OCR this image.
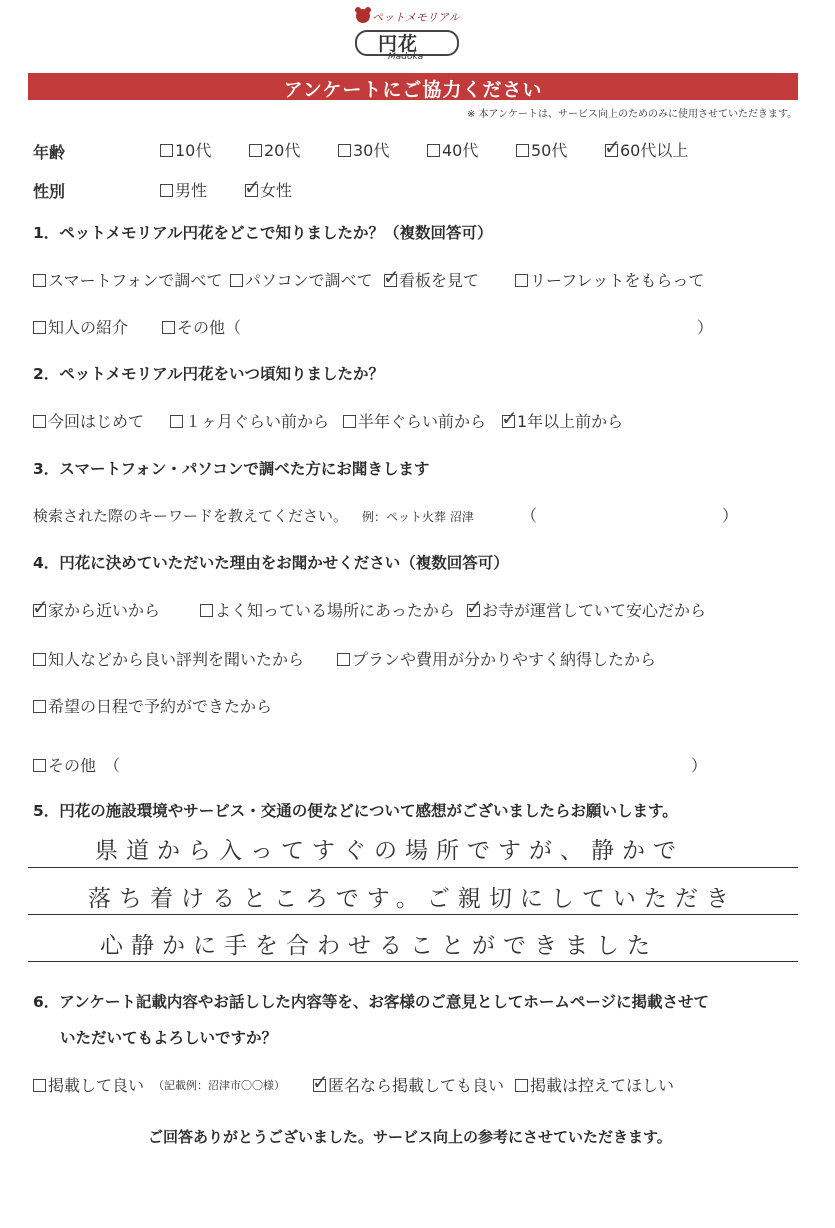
ペットメモリアル
円花
Madoka
アンケートにご協力ください
※ 本アンケートは、サービス向上のためのみに使用させていただきます。
年齢	10代	20代	30代	40代	50代 ✓ 60代以上
性別	男性 ✓ 女性
1．ペットメモリアル円花をどこで知りましたか？（複数回答可）
スマートフォンで調べて	パソコンで調べて ✓ 看板を見て	リーフレットをもらって
知人の紹介	その他（	）
2．ペットメモリアル円花をいつ頃知りましたか？
今回はじめて	１ヶ月ぐらい前から	半年ぐらい前から ✓ 1年以上前から
3．スマートフォン・パソコンで調べた方にお聞きします
検索された際のキーワードを教えてください。 例：ペット火葬 沼津	（	）
4．円花に決めていただいた理由をお聞かせください（複数回答可）
✓ 家から近いから	よく知っている場所にあったから ✓ お寺が運営していて安心だから
知人などから良い評判を聞いたから	プランや費用が分かりやすく納得したから
希望の日程で予約ができたから
その他　（	）
5．円花の施設環境やサービス・交通の便などについて感想がございましたらお願いします。
県道から入ってすぐの場所ですが、静かで
落ち着けるところです。ご親切にしていただき
心静かに手を合わせることができました
6．アンケート記載内容やお話しした内容等を、お客様のご意見としてホームページに掲載させて
いただいてもよろしいですか？
掲載して良い （記載例：沼津市〇〇様） ✓ 匿名なら掲載しても良い	掲載は控えてほしい
ご回答ありがとうございました。サービス向上の参考にさせていただきます。
